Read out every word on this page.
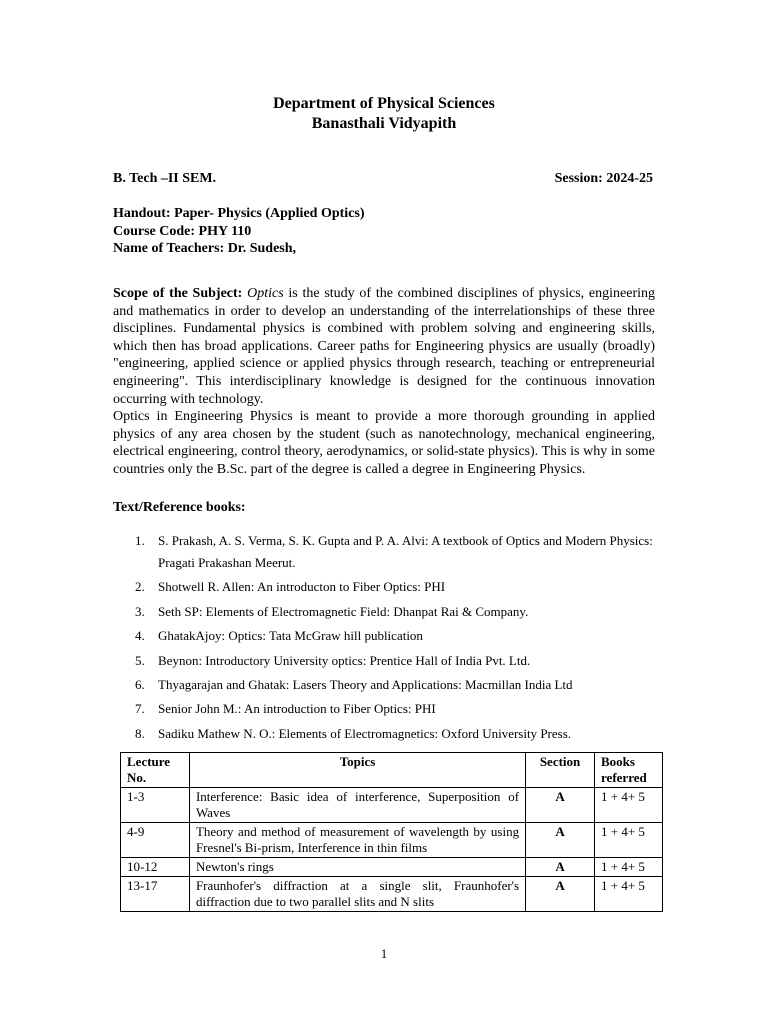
Department of Physical Sciences
Banasthali Vidyapith
B. Tech –II SEM.	Session: 2024-25
Handout: Paper- Physics (Applied Optics)
Course Code: PHY 110
Name of Teachers: Dr. Sudesh,

Scope of the Subject: Optics is the study of the combined disciplines of physics, engineering and mathematics in order to develop an understanding of the interrelationships of these three disciplines. Fundamental physics is combined with problem solving and engineering skills, which then has broad applications. Career paths for Engineering physics are usually (broadly) "engineering, applied science or applied physics through research, teaching or entrepreneurial engineering". This interdisciplinary knowledge is designed for the continuous innovation occurring with technology.

Optics in Engineering Physics is meant to provide a more thorough grounding in applied physics of any area chosen by the student (such as nanotechnology, mechanical engineering, electrical engineering, control theory, aerodynamics, or solid-state physics). This is why in some countries only the B.Sc. part of the degree is called a degree in Engineering Physics.

Text/Reference books:
1. S. Prakash, A. S. Verma, S. K. Gupta and P. A. Alvi: A textbook of Optics and Modern Physics: Pragati Prakashan Meerut.
2. Shotwell R. Allen: An introducton to Fiber Optics: PHI
3. Seth SP: Elements of Electromagnetic Field: Dhanpat Rai & Company.
4. GhatakAjoy: Optics: Tata McGraw hill publication
5. Beynon: Introductory University optics: Prentice Hall of India Pvt. Ltd.
6. Thyagarajan and Ghatak: Lasers Theory and Applications: Macmillan India Ltd
7. Senior John M.: An introduction to Fiber Optics: PHI
8. Sadiku Mathew N. O.: Elements of Electromagnetics: Oxford University Press.
Lecture No.	Topics	Section	Books referred
1-3	Interference: Basic idea of interference, Superposition of Waves	A	1 + 4+ 5
4-9	Theory and method of measurement of wavelength by using Fresnel's Bi-prism, Interference in thin films	A	1 + 4+ 5
10-12	Newton's rings	A	1 + 4+ 5
13-17	Fraunhofer's diffraction at a single slit, Fraunhofer's diffraction due to two parallel slits and N slits	A	1 + 4+ 5
1
